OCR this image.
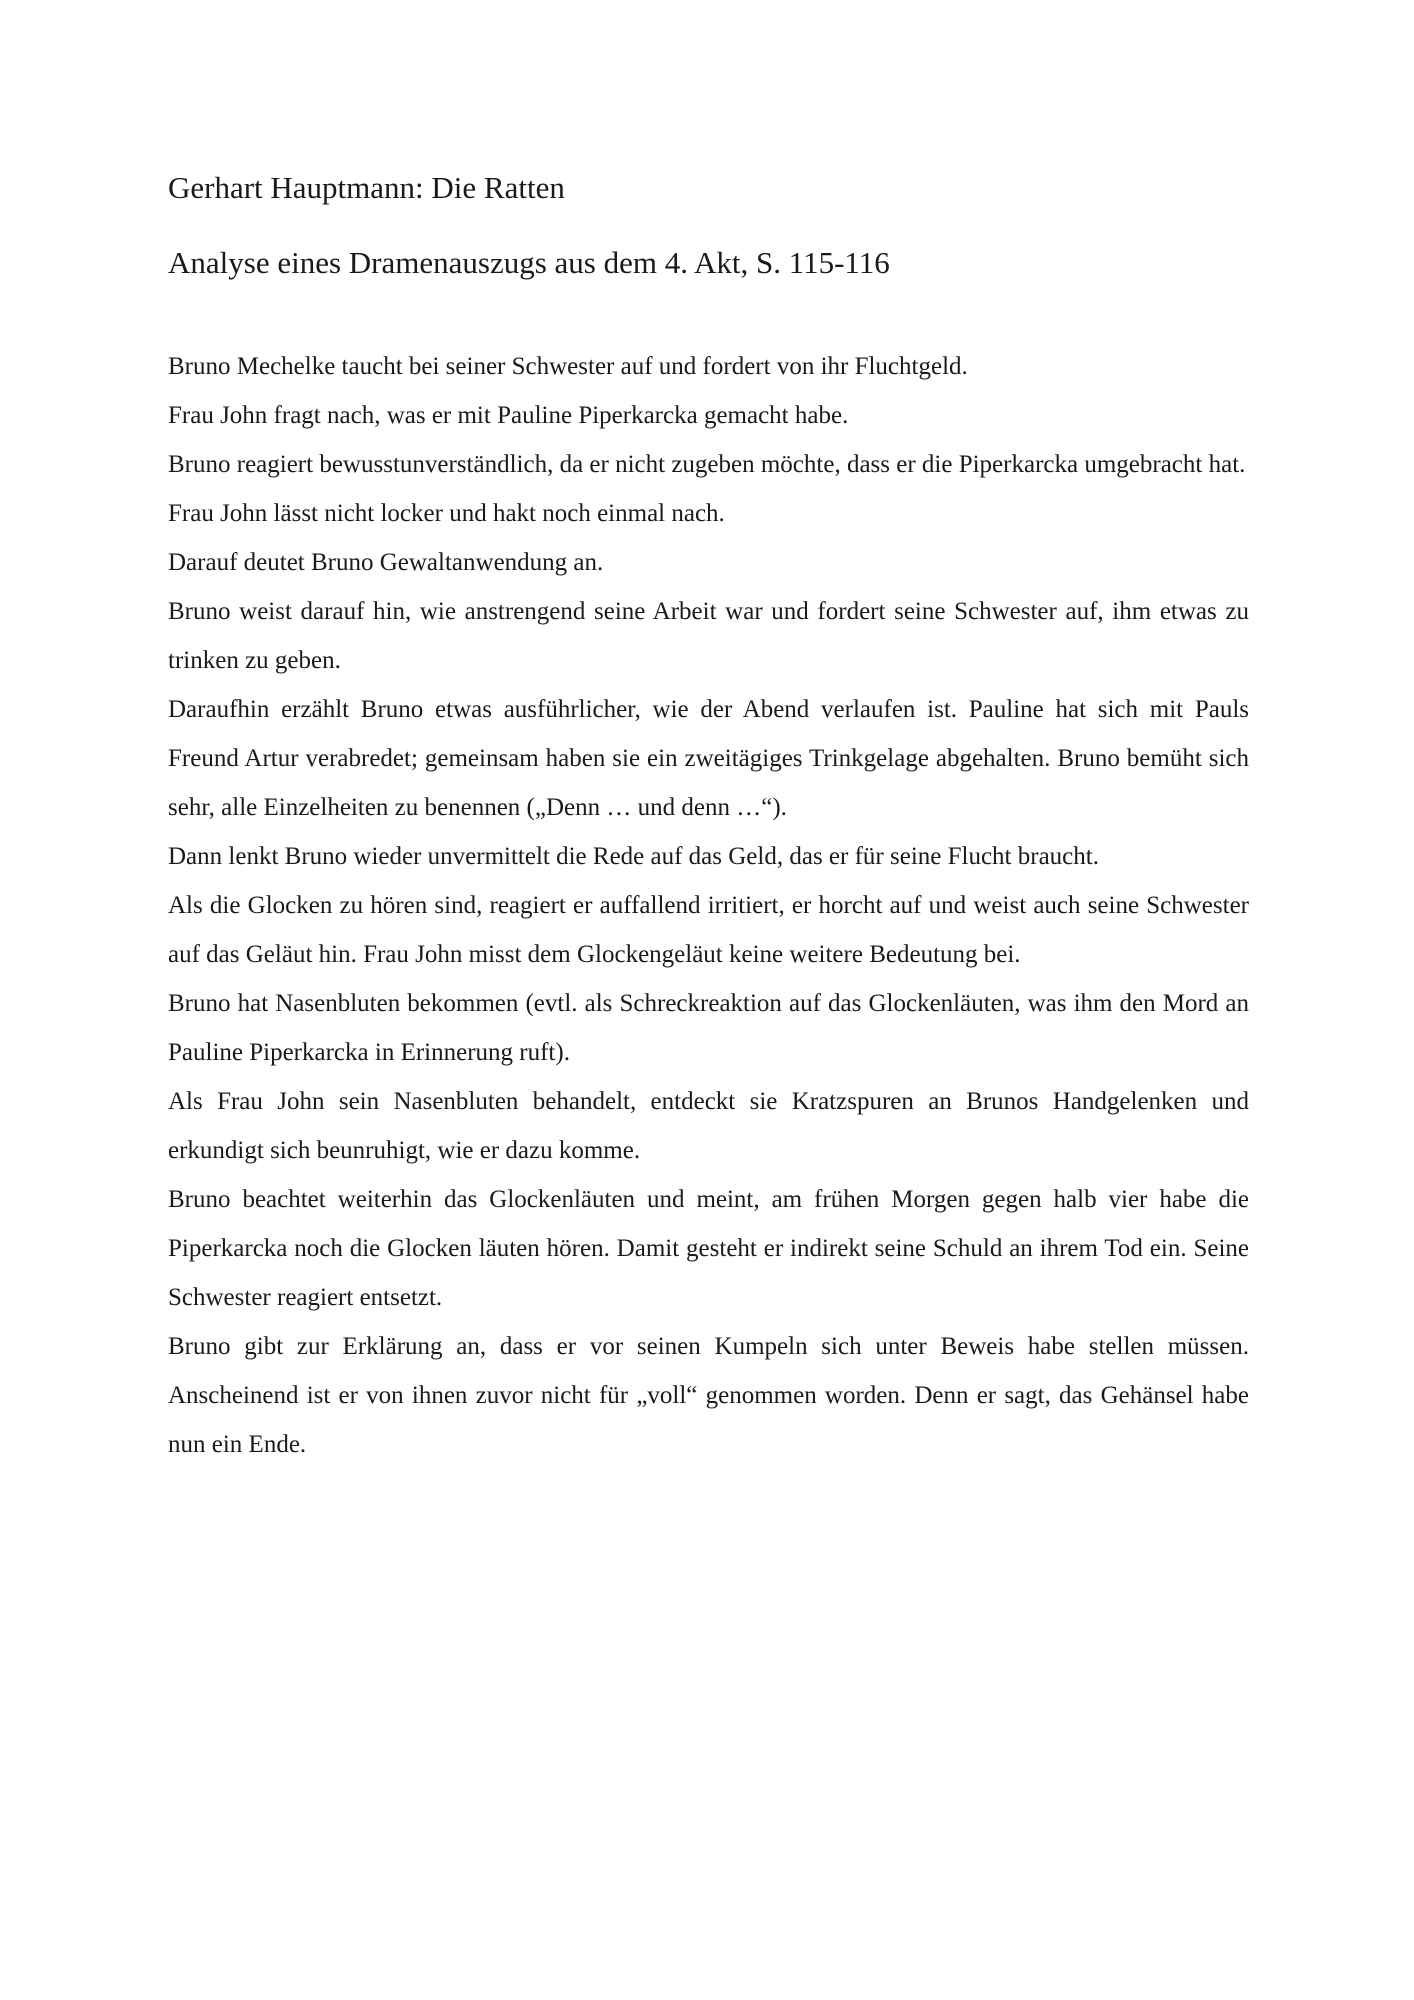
Gerhart Hauptmann: Die Ratten
Analyse eines Dramenauszugs aus dem 4. Akt, S. 115-116

Bruno Mechelke taucht bei seiner Schwester auf und fordert von ihr Fluchtgeld.

Frau John fragt nach, was er mit Pauline Piperkarcka gemacht habe.

Bruno reagiert bewusstunverständlich, da er nicht zugeben möchte, dass er die Piperkarcka umgebracht hat.

Frau John lässt nicht locker und hakt noch einmal nach.

Darauf deutet Bruno Gewaltanwendung an.

Bruno weist darauf hin, wie anstrengend seine Arbeit war und fordert seine Schwester auf, ihm etwas zu trinken zu geben.

Daraufhin erzählt Bruno etwas ausführlicher, wie der Abend verlaufen ist. Pauline hat sich mit Pauls Freund Artur verabredet; gemeinsam haben sie ein zweitägiges Trinkgelage abgehalten. Bruno bemüht sich sehr, alle Einzelheiten zu benennen („Denn … und denn …“).

Dann lenkt Bruno wieder unvermittelt die Rede auf das Geld, das er für seine Flucht braucht.

Als die Glocken zu hören sind, reagiert er auffallend irritiert, er horcht auf und weist auch seine Schwester auf das Geläut hin. Frau John misst dem Glockengeläut keine weitere Bedeutung bei.

Bruno hat Nasenbluten bekommen (evtl. als Schreckreaktion auf das Glockenläuten, was ihm den Mord an Pauline Piperkarcka in Erinnerung ruft).

Als Frau John sein Nasenbluten behandelt, entdeckt sie Kratzspuren an Brunos Handgelenken und erkundigt sich beunruhigt, wie er dazu komme.

Bruno beachtet weiterhin das Glockenläuten und meint, am frühen Morgen gegen halb vier habe die Piperkarcka noch die Glocken läuten hören. Damit gesteht er indirekt seine Schuld an ihrem Tod ein. Seine Schwester reagiert entsetzt.

Bruno gibt zur Erklärung an, dass er vor seinen Kumpeln sich unter Beweis habe stellen müssen. Anscheinend ist er von ihnen zuvor nicht für „voll“ genommen worden. Denn er sagt, das Gehänsel habe nun ein Ende.
